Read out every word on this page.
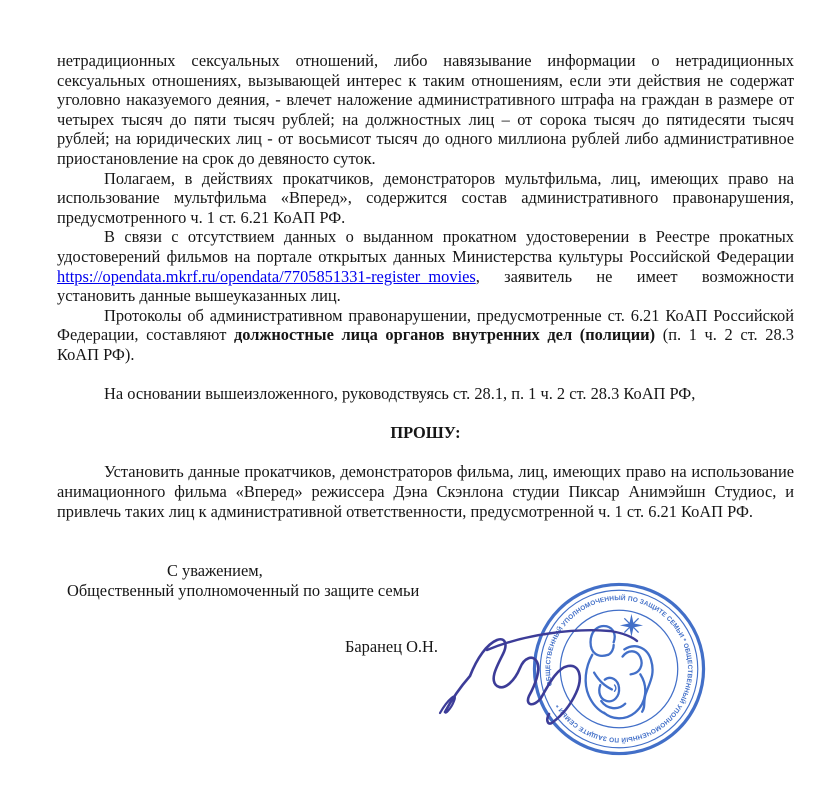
нетрадиционных сексуальных отношений, либо навязывание информации о нетрадиционных сексуальных отношениях, вызывающей интерес к таким отношениям, если эти действия не содержат уголовно наказуемого деяния, - влечет наложение административного штрафа на граждан в размере от четырех тысяч до пяти тысяч рублей; на должностных лиц – от сорока тысяч до пятидесяти тысяч рублей; на юридических лиц - от восьмисот тысяч до одного миллиона рублей либо административное приостановление на срок до девяносто суток.

Полагаем, в действиях прокатчиков, демонстраторов мультфильма, лиц, имеющих право на использование мультфильма «Вперед», содержится состав административного правонарушения, предусмотренного ч. 1 ст. 6.21 КоАП РФ.

В связи с отсутствием данных о выданном прокатном удостоверении в Реестре прокатных удостоверений фильмов на портале открытых данных Министерства культуры Российской Федерации https://opendata.mkrf.ru/opendata/7705851331-register_movies, заявитель не имеет возможности установить данные вышеуказанных лиц.

Протоколы об административном правонарушении, предусмотренные ст. 6.21 КоАП Российской Федерации, составляют должностные лица органов внутренних дел (полиции) (п. 1 ч. 2 ст. 28.3 КоАП РФ).

На основании вышеизложенного, руководствуясь ст. 28.1, п. 1 ч. 2 ст. 28.3 КоАП РФ,

ПРОШУ:

Установить данные прокатчиков, демонстраторов фильма, лиц, имеющих право на использование анимационного фильма «Вперед» режиссера Дэна Скэнлона студии Пиксар Анимэйшн Студиос, и привлечь таких лиц к административной ответственности, предусмотренной ч. 1 ст. 6.21 КоАП РФ.

С уважением,

Общественный уполномоченный по защите семьи

Баранец О.Н.

ОБЩЕСТВЕННЫЙ УПОЛНОМОЧЕННЫЙ ПО ЗАЩИТЕ СЕМЬИ * ОБЩЕСТВЕННЫЙ УПОЛНОМОЧЕННЫЙ ПО ЗАЩИТЕ СЕМЬИ *
